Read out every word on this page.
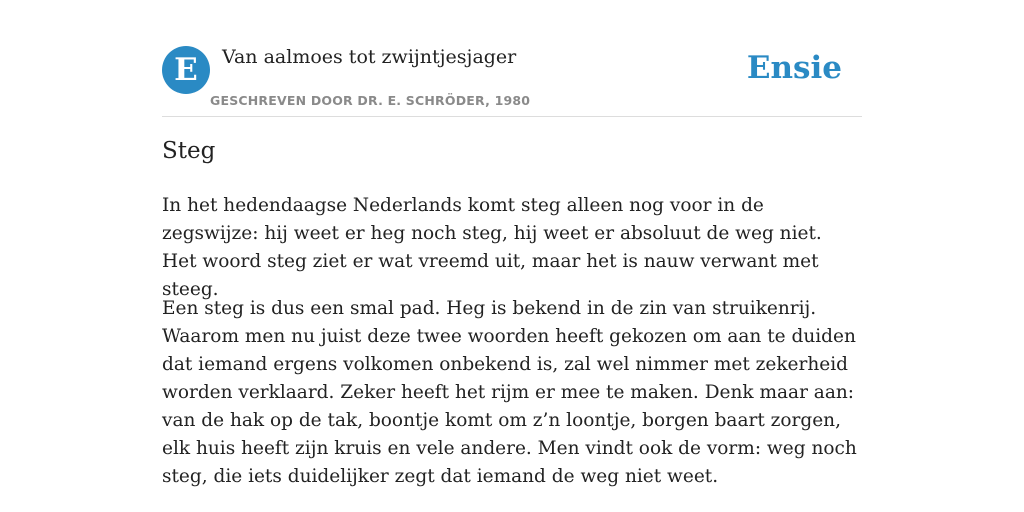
E	Van aalmoes tot zwijntjesjager
GESCHREVEN DOOR DR. E. SCHRÖDER, 1980
Ensie
Steg

In het hedendaagse Nederlands komt steg alleen nog voor in de zegswijze: hij weet er heg noch steg, hij weet er absoluut de weg niet. Het woord steg ziet er wat vreemd uit, maar het is nauw verwant met steeg.

Een steg is dus een smal pad. Heg is bekend in de zin van struikenrij. Waarom men nu juist deze twee woorden heeft gekozen om aan te duiden dat iemand ergens volkomen onbekend is, zal wel nimmer met zekerheid worden verklaard. Zeker heeft het rijm er mee te maken. Denk maar aan: van de hak op de tak, boontje komt om z’n loontje, borgen baart zorgen, elk huis heeft zijn kruis en vele andere. Men vindt ook de vorm: weg noch steg, die iets duidelijker zegt dat iemand de weg niet weet.
